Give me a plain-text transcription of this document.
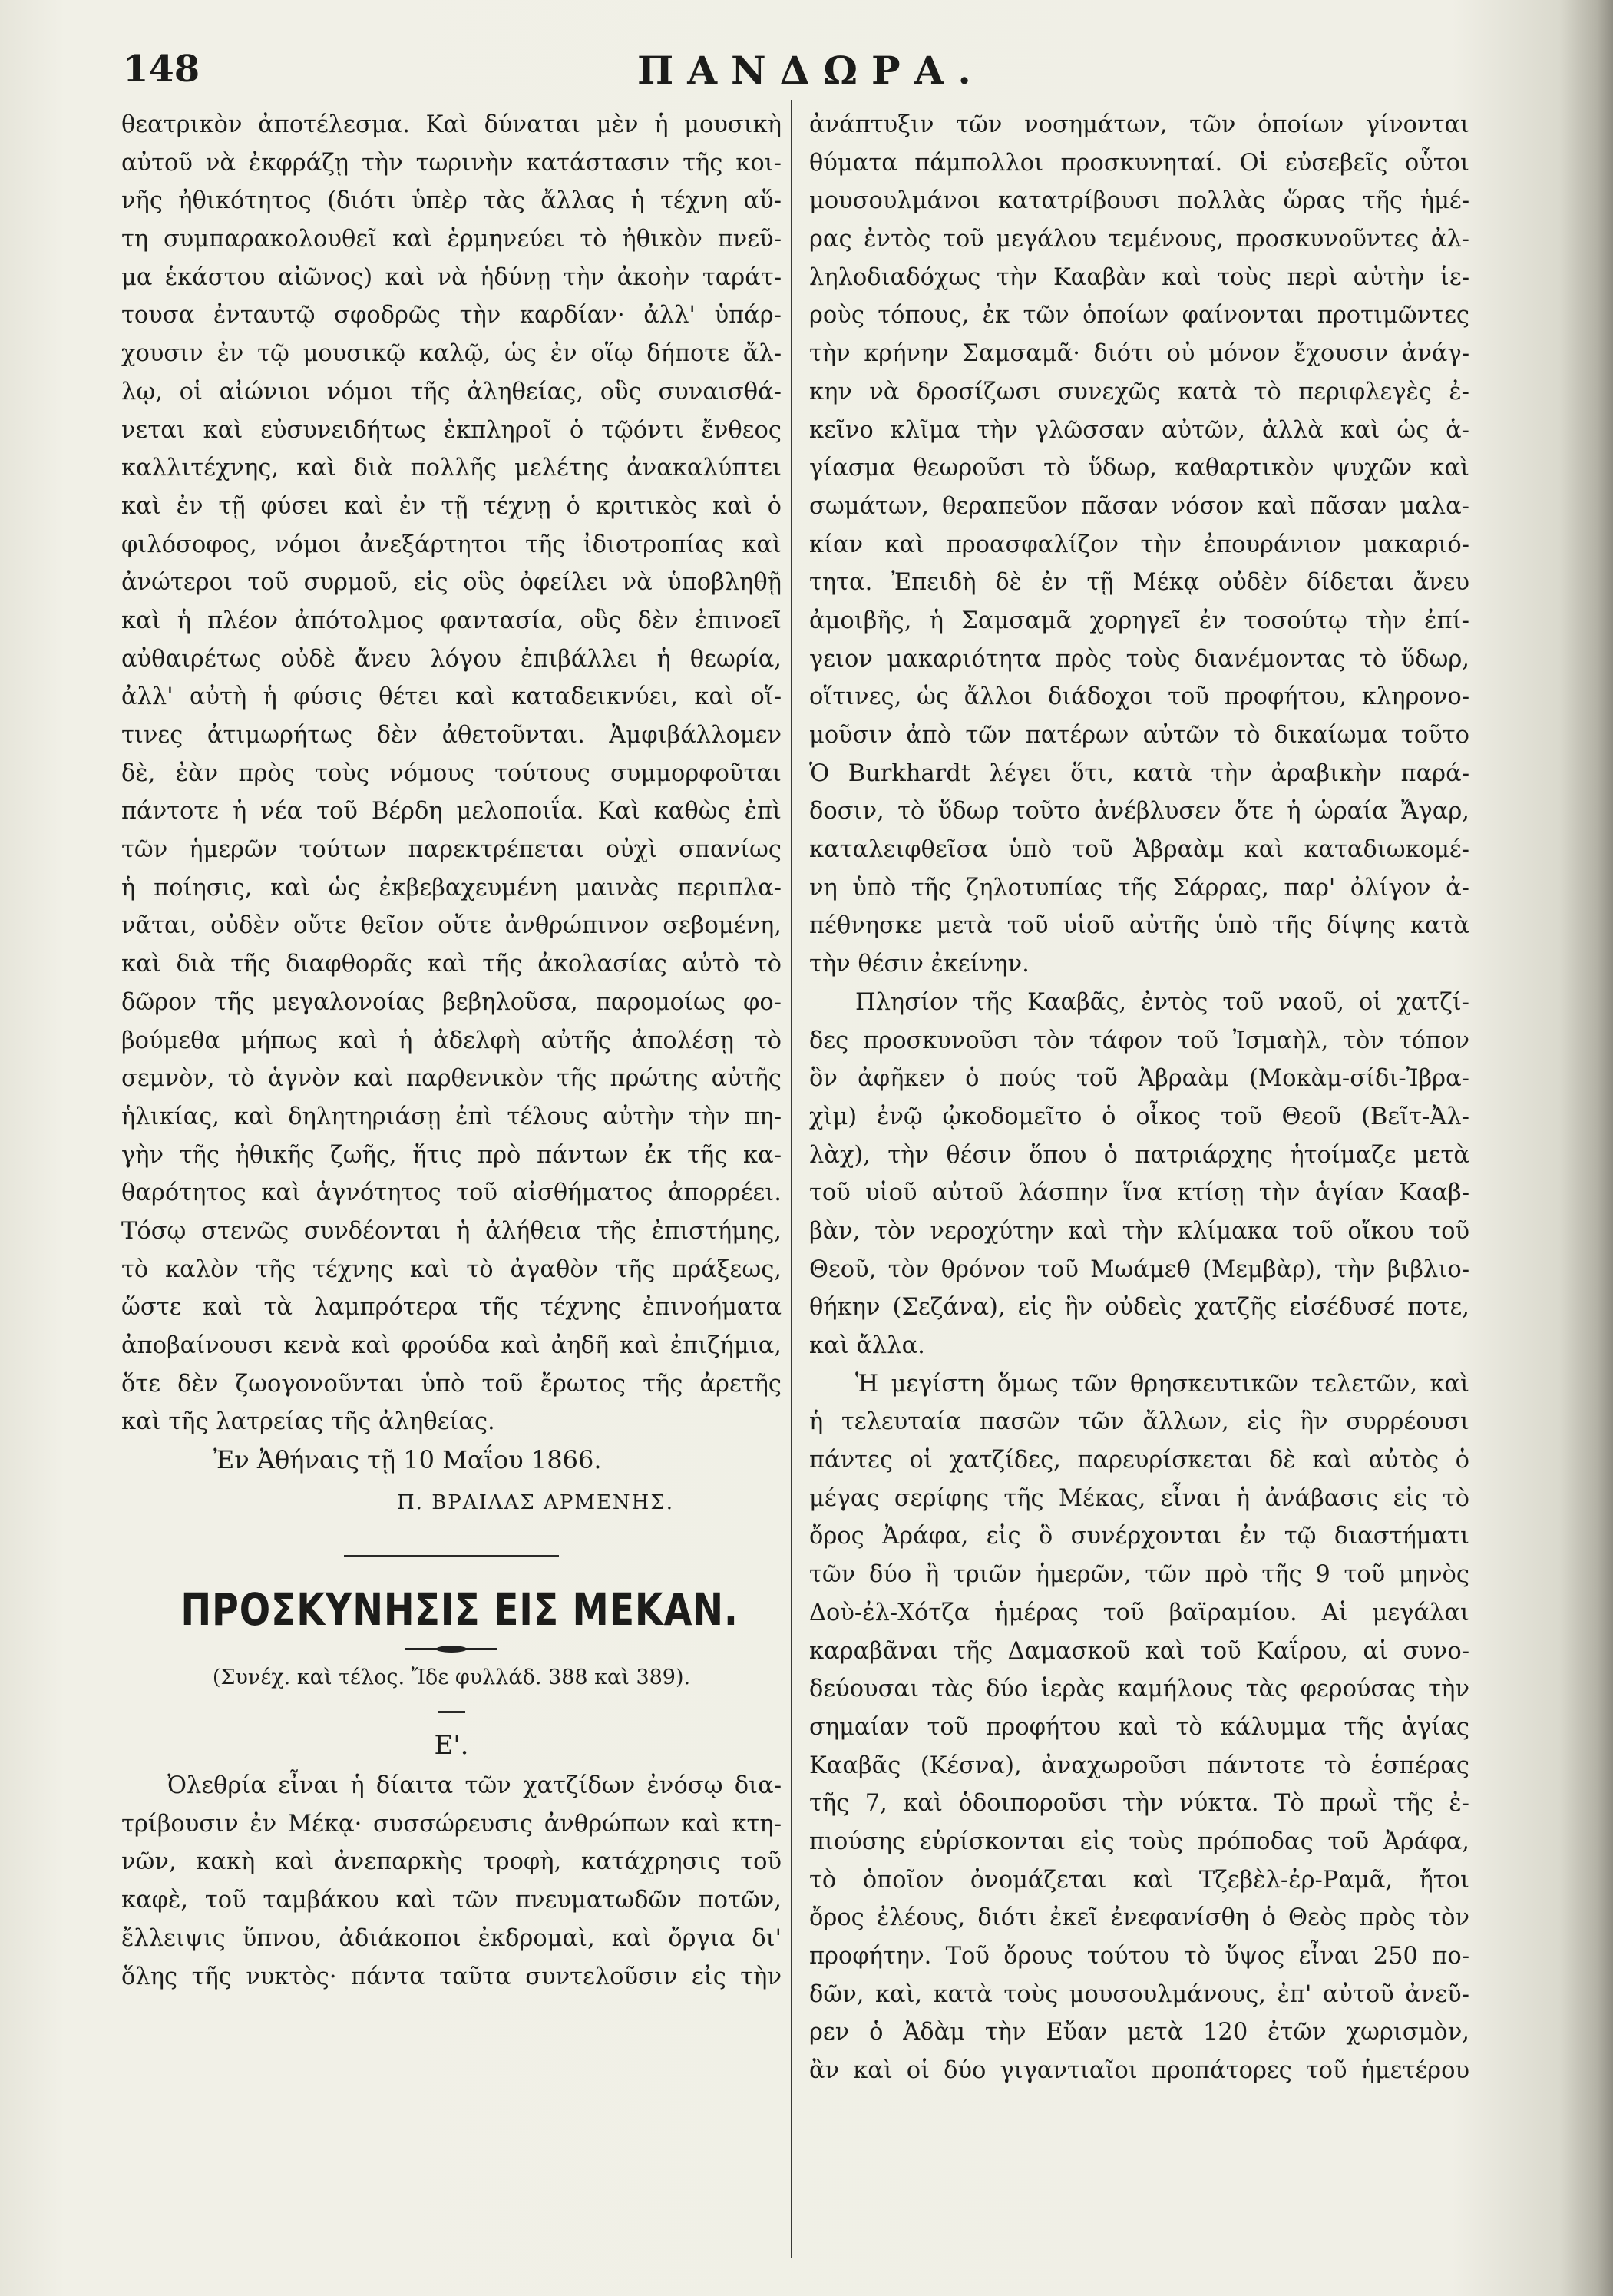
148	ΠΑΝΔΩΡΑ.
θεατρικὸν ἀποτέλεσμα. Καὶ δύναται μὲν ἡ μουσικὴ
αὐτοῦ νὰ ἐκφράζῃ τὴν τωρινὴν κατάστασιν τῆς κοι-
νῆς ἠθικότητος (διότι ὑπὲρ τὰς ἄλλας ἡ τέχνη αὕ-
τη συμπαρακολουθεῖ καὶ ἑρμηνεύει τὸ ἠθικὸν πνεῦ-
μα ἑκάστου αἰῶνος) καὶ νὰ ἡδύνῃ τὴν ἀκοὴν ταράτ-
τουσα ἐνταυτῷ σφοδρῶς τὴν καρδίαν· ἀλλ' ὑπάρ-
χουσιν ἐν τῷ μουσικῷ καλῷ, ὡς ἐν οἵῳ δήποτε ἄλ-
λῳ, οἱ αἰώνιοι νόμοι τῆς ἀληθείας, οὓς συναισθά-
νεται καὶ εὐσυνειδήτως ἐκπληροῖ ὁ τῷόντι ἔνθεος
καλλιτέχνης, καὶ διὰ πολλῆς μελέτης ἀνακαλύπτει
καὶ ἐν τῇ φύσει καὶ ἐν τῇ τέχνῃ ὁ κριτικὸς καὶ ὁ
φιλόσοφος, νόμοι ἀνεξάρτητοι τῆς ἰδιοτροπίας καὶ
ἀνώτεροι τοῦ συρμοῦ, εἰς οὓς ὀφείλει νὰ ὑποβληθῇ
καὶ ἡ πλέον ἀπότολμος φαντασία, οὓς δὲν ἐπινοεῖ
αὐθαιρέτως οὐδὲ ἄνευ λόγου ἐπιβάλλει ἡ θεωρία,
ἀλλ' αὐτὴ ἡ φύσις θέτει καὶ καταδεικνύει, καὶ οἵ-
τινες ἀτιμωρήτως δὲν ἀθετοῦνται. Ἀμφιβάλλομεν
δὲ, ἐὰν πρὸς τοὺς νόμους τούτους συμμορφοῦται
πάντοτε ἡ νέα τοῦ Βέρδη μελοποιΐα. Καὶ καθὼς ἐπὶ
τῶν ἡμερῶν τούτων παρεκτρέπεται οὐχὶ σπανίως
ἡ ποίησις, καὶ ὡς ἐκβεβαχευμένη μαινὰς περιπλα-
νᾶται, οὐδὲν οὔτε θεῖον οὔτε ἀνθρώπινον σεβομένη,
καὶ διὰ τῆς διαφθορᾶς καὶ τῆς ἀκολασίας αὐτὸ τὸ
δῶρον τῆς μεγαλονοίας βεβηλοῦσα, παρομοίως φο-
βούμεθα μήπως καὶ ἡ ἀδελφὴ αὐτῆς ἀπολέσῃ τὸ
σεμνὸν, τὸ ἁγνὸν καὶ παρθενικὸν τῆς πρώτης αὐτῆς
ἡλικίας, καὶ δηλητηριάσῃ ἐπὶ τέλους αὐτὴν τὴν πη-
γὴν τῆς ἠθικῆς ζωῆς, ἥτις πρὸ πάντων ἐκ τῆς κα-
θαρότητος καὶ ἁγνότητος τοῦ αἰσθήματος ἀπορρέει.
Τόσῳ στενῶς συνδέονται ἡ ἀλήθεια τῆς ἐπιστήμης,
τὸ καλὸν τῆς τέχνης καὶ τὸ ἀγαθὸν τῆς πράξεως,
ὥστε καὶ τὰ λαμπρότερα τῆς τέχνης ἐπινοήματα
ἀποβαίνουσι κενὰ καὶ φρούδα καὶ ἀηδῆ καὶ ἐπιζήμια,
ὅτε δὲν ζωογονοῦνται ὑπὸ τοῦ ἔρωτος τῆς ἀρετῆς
καὶ τῆς λατρείας τῆς ἀληθείας.
Ἐν Ἀθήναις τῇ 10 Μαΐου 1866.
Π. ΒΡΑΙΛΑΣ ΑΡΜΕΝΗΣ.
ΠΡΟΣΚΥΝΗΣΙΣ ΕΙΣ ΜΕΚΑΝ.
(Συνέχ. καὶ τέλος. Ἴδε φυλλάδ. 388 καὶ 389).
Ε'.
Ὀλεθρία εἶναι ἡ δίαιτα τῶν χατζίδων ἐνόσῳ δια-
τρίβουσιν ἐν Μέκᾳ· συσσώρευσις ἀνθρώπων καὶ κτη-
νῶν, κακὴ καὶ ἀνεπαρκὴς τροφὴ, κατάχρησις τοῦ
καφὲ, τοῦ ταμβάκου καὶ τῶν πνευματωδῶν ποτῶν,
ἔλλειψις ὕπνου, ἀδιάκοποι ἐκδρομαὶ, καὶ ὄργια δι'
ὅλης τῆς νυκτὸς· πάντα ταῦτα συντελοῦσιν εἰς τὴν
ἀνάπτυξιν τῶν νοσημάτων, τῶν ὁποίων γίνονται
θύματα πάμπολλοι προσκυνηταί. Οἱ εὐσεβεῖς οὗτοι
μουσουλμάνοι κατατρίβουσι πολλὰς ὥρας τῆς ἡμέ-
ρας ἐντὸς τοῦ μεγάλου τεμένους, προσκυνοῦντες ἀλ-
ληλοδιαδόχως τὴν Κααβὰν καὶ τοὺς περὶ αὐτὴν ἱε-
ροὺς τόπους, ἐκ τῶν ὁποίων φαίνονται προτιμῶντες
τὴν κρήνην Σαμσαμᾶ· διότι οὐ μόνον ἔχουσιν ἀνάγ-
κην νὰ δροσίζωσι συνεχῶς κατὰ τὸ περιφλεγὲς ἐ-
κεῖνο κλῖμα τὴν γλῶσσαν αὐτῶν, ἀλλὰ καὶ ὡς ἁ-
γίασμα θεωροῦσι τὸ ὕδωρ, καθαρτικὸν ψυχῶν καὶ
σωμάτων, θεραπεῦον πᾶσαν νόσον καὶ πᾶσαν μαλα-
κίαν καὶ προασφαλίζον τὴν ἐπουράνιον μακαριό-
τητα. Ἐπειδὴ δὲ ἐν τῇ Μέκᾳ οὐδὲν δίδεται ἄνευ
ἀμοιβῆς, ἡ Σαμσαμᾶ χορηγεῖ ἐν τοσούτῳ τὴν ἐπί-
γειον μακαριότητα πρὸς τοὺς διανέμοντας τὸ ὕδωρ,
οἵτινες, ὡς ἄλλοι διάδοχοι τοῦ προφήτου, κληρονο-
μοῦσιν ἀπὸ τῶν πατέρων αὐτῶν τὸ δικαίωμα τοῦτο
Ὁ Burkhardt λέγει ὅτι, κατὰ τὴν ἀραβικὴν παρά-
δοσιν, τὸ ὕδωρ τοῦτο ἀνέβλυσεν ὅτε ἡ ὡραία Ἄγαρ,
καταλειφθεῖσα ὑπὸ τοῦ Ἀβραὰμ καὶ καταδιωκομέ-
νη ὑπὸ τῆς ζηλοτυπίας τῆς Σάρρας, παρ' ὀλίγον ἀ-
πέθνησκε μετὰ τοῦ υἱοῦ αὐτῆς ὑπὸ τῆς δίψης κατὰ
τὴν θέσιν ἐκείνην.
Πλησίον τῆς Κααβᾶς, ἐντὸς τοῦ ναοῦ, οἱ χατζί-
δες προσκυνοῦσι τὸν τάφον τοῦ Ἰσμαὴλ, τὸν τόπον
ὃν ἀφῆκεν ὁ πούς τοῦ Ἀβραὰμ (Μοκὰμ-σίδι-Ἰβρα-
χὶμ) ἐνῷ ᾠκοδομεῖτο ὁ οἶκος τοῦ Θεοῦ (Βεῖτ-Ἀλ-
λὰχ), τὴν θέσιν ὅπου ὁ πατριάρχης ἡτοίμαζε μετὰ
τοῦ υἱοῦ αὐτοῦ λάσπην ἵνα κτίσῃ τὴν ἁγίαν Κααβ-
βὰν, τὸν νεροχύτην καὶ τὴν κλίμακα τοῦ οἴκου τοῦ
Θεοῦ, τὸν θρόνον τοῦ Μωάμεθ (Μεμβὰρ), τὴν βιβλιο-
θήκην (Σεζάνα), εἰς ἣν οὐδεὶς χατζῆς εἰσέδυσέ ποτε,
καὶ ἄλλα.
Ἡ μεγίστη ὅμως τῶν θρησκευτικῶν τελετῶν, καὶ
ἡ τελευταία πασῶν τῶν ἄλλων, εἰς ἣν συρρέουσι
πάντες οἱ χατζίδες, παρευρίσκεται δὲ καὶ αὐτὸς ὁ
μέγας σερίφης τῆς Μέκας, εἶναι ἡ ἀνάβασις εἰς τὸ
ὄρος Ἀράφα, εἰς ὃ συνέρχονται ἐν τῷ διαστήματι
τῶν δύο ἢ τριῶν ἡμερῶν, τῶν πρὸ τῆς 9 τοῦ μηνὸς
Δοὺ-ἐλ-Χότζα ἡμέρας τοῦ βαϊραμίου. Αἱ μεγάλαι
καραβᾶναι τῆς Δαμασκοῦ καὶ τοῦ Καΐρου, αἱ συνο-
δεύουσαι τὰς δύο ἱερὰς καμήλους τὰς φερούσας τὴν
σημαίαν τοῦ προφήτου καὶ τὸ κάλυμμα τῆς ἁγίας
Κααβᾶς (Κέσνα), ἀναχωροῦσι πάντοτε τὸ ἑσπέρας
τῆς 7, καὶ ὁδοιποροῦσι τὴν νύκτα. Τὸ πρωῒ τῆς ἐ-
πιούσης εὑρίσκονται εἰς τοὺς πρόποδας τοῦ Ἀράφα,
τὸ ὁποῖον ὀνομάζεται καὶ Τζεβὲλ-ἐρ-Ραμᾶ, ἤτοι
ὄρος ἐλέους, διότι ἐκεῖ ἐνεφανίσθη ὁ Θεὸς πρὸς τὸν
προφήτην. Τοῦ ὄρους τούτου τὸ ὕψος εἶναι 250 πο-
δῶν, καὶ, κατὰ τοὺς μουσουλμάνους, ἐπ' αὐτοῦ ἀνεῦ-
ρεν ὁ Ἀδὰμ τὴν Εὔαν μετὰ 120 ἐτῶν χωρισμὸν,
ἂν καὶ οἱ δύο γιγαντιαῖοι προπάτορες τοῦ ἡμετέρου
